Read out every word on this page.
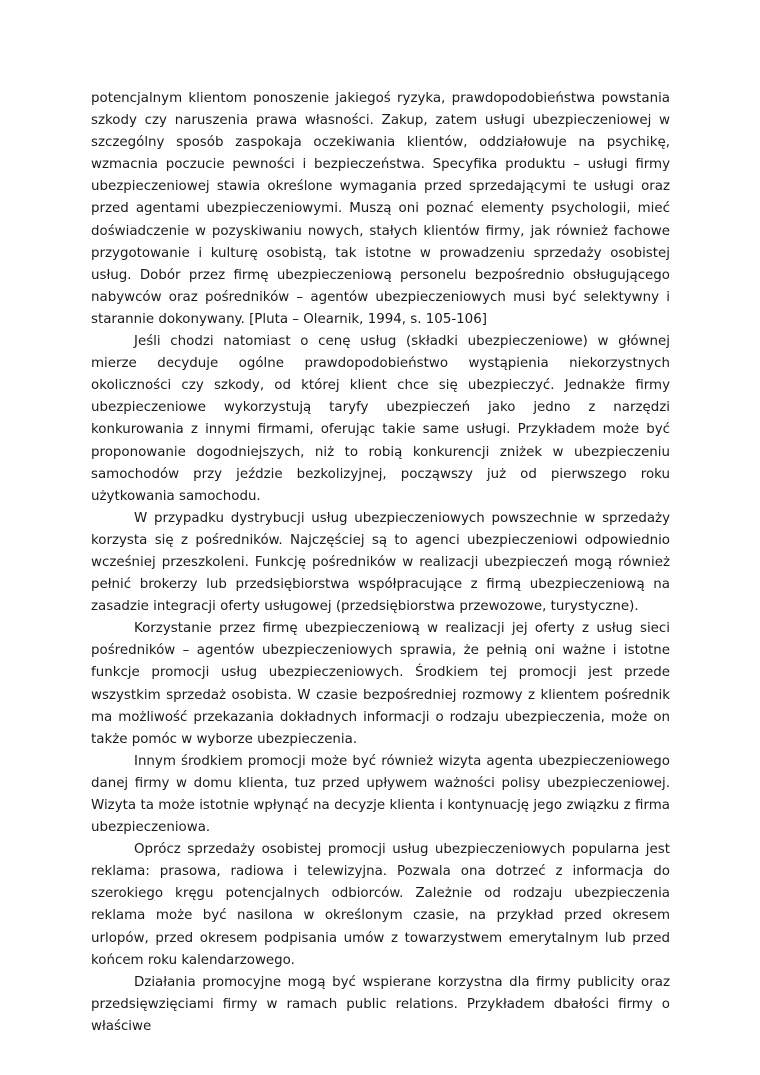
potencjalnym klientom ponoszenie jakiegoś ryzyka, prawdopodobieństwa powstania szkody czy naruszenia prawa własności. Zakup, zatem usługi ubezpieczeniowej w szczególny sposób zaspokaja oczekiwania klientów, oddziałowuje na psychikę, wzmacnia poczucie pewności i bezpieczeństwa. Specyfika produktu – usługi firmy ubezpieczeniowej stawia określone wymagania przed sprzedającymi te usługi oraz przed agentami ubezpieczeniowymi. Muszą oni poznać elementy psychologii, mieć doświadczenie w pozyskiwaniu nowych, stałych klientów firmy, jak również fachowe przygotowanie i kulturę osobistą, tak istotne w prowadzeniu sprzedaży osobistej usług. Dobór przez firmę ubezpieczeniową personelu bezpośrednio obsługującego nabywców oraz pośredników – agentów ubezpieczeniowych musi być selektywny i starannie dokonywany. [Pluta – Olearnik, 1994, s. 105-106]

Jeśli chodzi natomiast o cenę usług (składki ubezpieczeniowe) w głównej mierze decyduje ogólne prawdopodobieństwo wystąpienia niekorzystnych okoliczności czy szkody, od której klient chce się ubezpieczyć. Jednakże firmy ubezpieczeniowe wykorzystują taryfy ubezpieczeń jako jedno z narzędzi konkurowania z innymi firmami, oferując takie same usługi. Przykładem może być proponowanie dogodniejszych, niż to robią konkurencji zniżek w ubezpieczeniu samochodów przy jeździe bezkolizyjnej, począwszy już od pierwszego roku użytkowania samochodu.

W przypadku dystrybucji usług ubezpieczeniowych powszechnie w sprzedaży korzysta się z pośredników. Najczęściej są to agenci ubezpieczeniowi odpowiednio wcześniej przeszkoleni. Funkcję pośredników w realizacji ubezpieczeń mogą również pełnić brokerzy lub przedsiębiorstwa współpracujące z firmą ubezpieczeniową na zasadzie integracji oferty usługowej (przedsiębiorstwa przewozowe, turystyczne).

Korzystanie przez firmę ubezpieczeniową w realizacji jej oferty z usług sieci pośredników – agentów ubezpieczeniowych sprawia, że pełnią oni ważne i istotne funkcje promocji usług ubezpieczeniowych. Środkiem tej promocji jest przede wszystkim sprzedaż osobista. W czasie bezpośredniej rozmowy z klientem pośrednik ma możliwość przekazania dokładnych informacji o rodzaju ubezpieczenia, może on także pomóc w wyborze ubezpieczenia.

Innym środkiem promocji może być również wizyta agenta ubezpieczeniowego danej firmy w domu klienta, tuz przed upływem ważności polisy ubezpieczeniowej. Wizyta ta może istotnie wpłynąć na decyzje klienta i kontynuację jego związku z firma ubezpieczeniowa.

Oprócz sprzedaży osobistej promocji usług ubezpieczeniowych popularna jest reklama: prasowa, radiowa i telewizyjna. Pozwala ona dotrzeć z informacja do szerokiego kręgu potencjalnych odbiorców. Zależnie od rodzaju ubezpieczenia reklama może być nasilona w określonym czasie, na przykład przed okresem urlopów, przed okresem podpisania umów z towarzystwem emerytalnym lub przed końcem roku kalendarzowego.

Działania promocyjne mogą być wspierane korzystna dla firmy publicity oraz przedsięwzięciami firmy w ramach public relations. Przykładem dbałości firmy o właściwe
